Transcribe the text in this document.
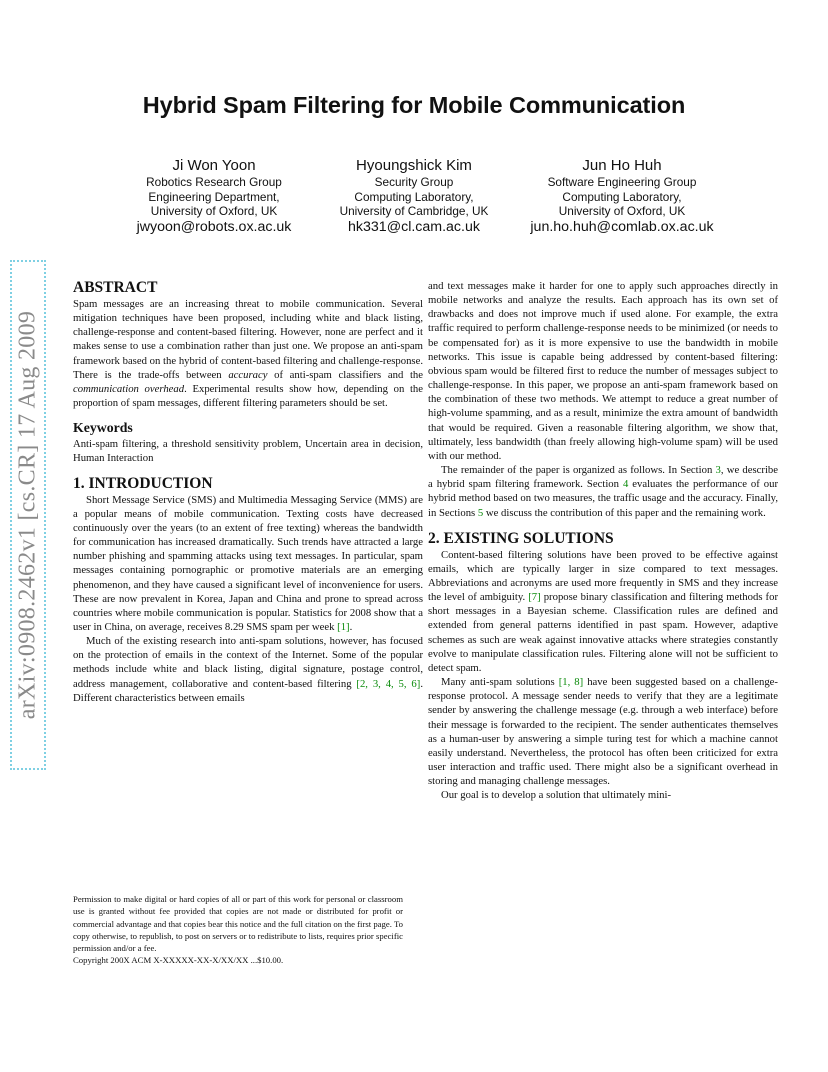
Hybrid Spam Filtering for Mobile Communication
Ji Won Yoon
Robotics Research Group
Engineering Department,
University of Oxford, UK
jwyoon@robots.ox.ac.uk
Hyoungshick Kim
Security Group
Computing Laboratory,
University of Cambridge, UK
hk331@cl.cam.ac.uk
Jun Ho Huh
Software Engineering Group
Computing Laboratory,
University of Oxford, UK
jun.ho.huh@comlab.ox.ac.uk
arXiv:0908.2462v1 [cs.CR] 17 Aug 2009
ABSTRACT

Spam messages are an increasing threat to mobile communication. Several mitigation techniques have been proposed, including white and black listing, challenge-response and content-based filtering. However, none are perfect and it makes sense to use a combination rather than just one. We propose an anti-spam framework based on the hybrid of content-based filtering and challenge-response. There is the trade-offs between accuracy of anti-spam classifiers and the communication overhead. Experimental results show how, depending on the proportion of spam messages, different filtering parameters should be set.

Keywords

Anti-spam filtering, a threshold sensitivity problem, Uncertain area in decision, Human Interaction

1. INTRODUCTION

Short Message Service (SMS) and Multimedia Messaging Service (MMS) are a popular means of mobile communication. Texting costs have decreased continuously over the years (to an extent of free texting) whereas the bandwidth for communication has increased dramatically. Such trends have attracted a large number phishing and spamming attacks using text messages. In particular, spam messages containing pornographic or promotive materials are an emerging phenomenon, and they have caused a significant level of inconvenience for users. These are now prevalent in Korea, Japan and China and prone to spread across countries where mobile communication is popular. Statistics for 2008 show that a user in China, on average, receives 8.29 SMS spam per week [1].

Much of the existing research into anti-spam solutions, however, has focused on the protection of emails in the context of the Internet. Some of the popular methods include white and black listing, digital signature, postage control, address management, collaborative and content-based filtering [2, 3, 4, 5, 6]. Different characteristics between emails

Permission to make digital or hard copies of all or part of this work for personal or classroom use is granted without fee provided that copies are not made or distributed for profit or commercial advantage and that copies bear this notice and the full citation on the first page. To copy otherwise, to republish, to post on servers or to redistribute to lists, requires prior specific permission and/or a fee.

Copyright 200X ACM X-XXXXX-XX-X/XX/XX ...$10.00.

and text messages make it harder for one to apply such approaches directly in mobile networks and analyze the results. Each approach has its own set of drawbacks and does not improve much if used alone. For example, the extra traffic required to perform challenge-response needs to be minimized (or needs to be compensated for) as it is more expensive to use the bandwidth in mobile networks. This issue is capable being addressed by content-based filtering: obvious spam would be filtered first to reduce the number of messages subject to challenge-response. In this paper, we propose an anti-spam framework based on the combination of these two methods. We attempt to reduce a great number of high-volume spamming, and as a result, minimize the extra amount of bandwidth that would be required. Given a reasonable filtering algorithm, we show that, ultimately, less bandwidth (than freely allowing high-volume spam) will be used with our method.

The remainder of the paper is organized as follows. In Section 3, we describe a hybrid spam filtering framework. Section 4 evaluates the performance of our hybrid method based on two measures, the traffic usage and the accuracy. Finally, in Sections 5 we discuss the contribution of this paper and the remaining work.

2. EXISTING SOLUTIONS

Content-based filtering solutions have been proved to be effective against emails, which are typically larger in size compared to text messages. Abbreviations and acronyms are used more frequently in SMS and they increase the level of ambiguity. [7] propose binary classification and filtering methods for short messages in a Bayesian scheme. Classification rules are defined and extended from general patterns identified in past spam. However, adaptive schemes as such are weak against innovative attacks where strategies constantly evolve to manipulate classification rules. Filtering alone will not be sufficient to detect spam.

Many anti-spam solutions [1, 8] have been suggested based on a challenge-response protocol. A message sender needs to verify that they are a legitimate sender by answering the challenge message (e.g. through a web interface) before their message is forwarded to the recipient. The sender authenticates themselves as a human-user by answering a simple turing test for which a machine cannot easily understand. Nevertheless, the protocol has often been criticized for extra user interaction and traffic used. There might also be a significant overhead in storing and managing challenge messages.

Our goal is to develop a solution that ultimately mini-
